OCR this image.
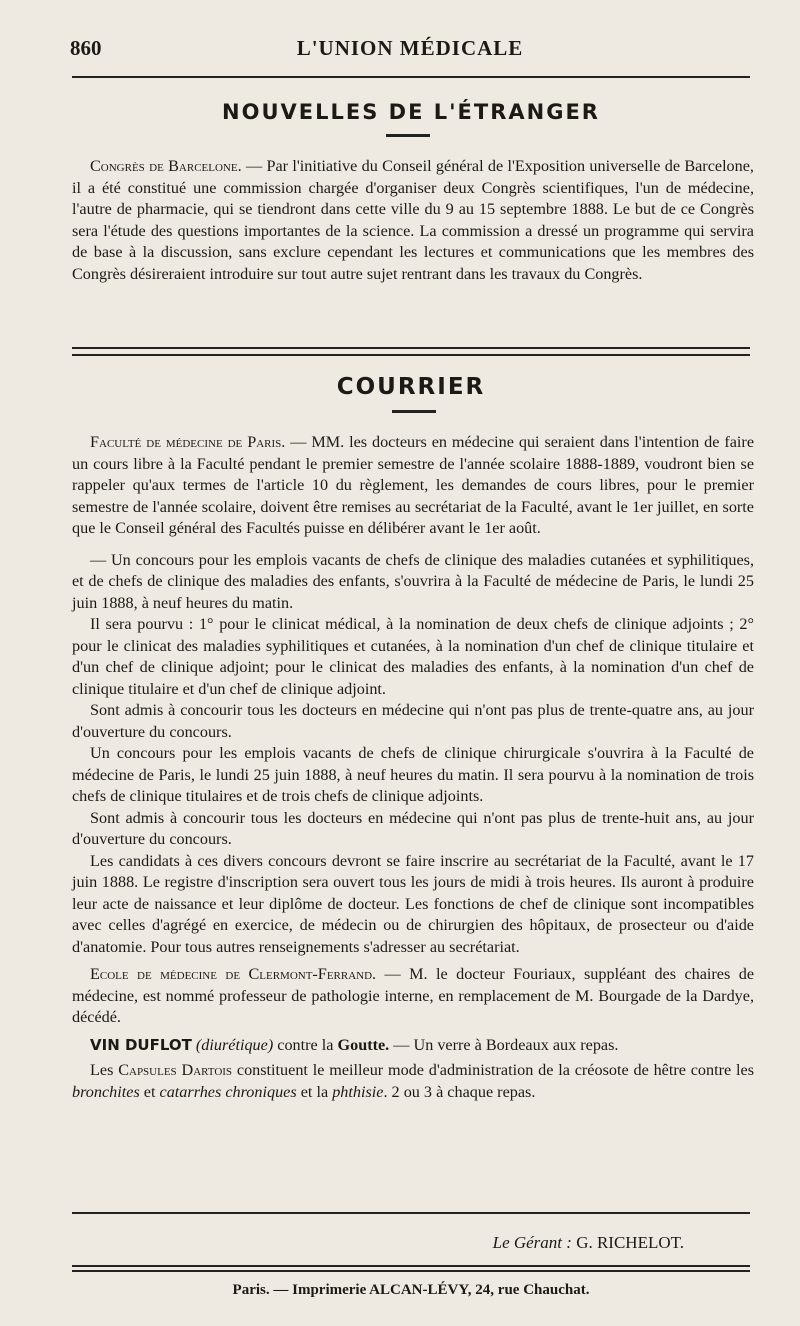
860	L'UNION MÉDICALE
NOUVELLES DE L'ÉTRANGER

Congrès de Barcelone. — Par l'initiative du Conseil général de l'Exposition universelle de Barcelone, il a été constitué une commission chargée d'organiser deux Congrès scientifiques, l'un de médecine, l'autre de pharmacie, qui se tiendront dans cette ville du 9 au 15 septembre 1888. Le but de ce Congrès sera l'étude des questions importantes de la science. La commission a dressé un programme qui servira de base à la discussion, sans exclure cependant les lectures et communications que les membres des Congrès désireraient introduire sur tout autre sujet rentrant dans les travaux du Congrès.

COURRIER

Faculté de médecine de Paris. — MM. les docteurs en médecine qui seraient dans l'intention de faire un cours libre à la Faculté pendant le premier semestre de l'année scolaire 1888-1889, voudront bien se rappeler qu'aux termes de l'article 10 du règlement, les demandes de cours libres, pour le premier semestre de l'année scolaire, doivent être remises au secrétariat de la Faculté, avant le 1er juillet, en sorte que le Conseil général des Facultés puisse en délibérer avant le 1er août.

— Un concours pour les emplois vacants de chefs de clinique des maladies cutanées et syphilitiques, et de chefs de clinique des maladies des enfants, s'ouvrira à la Faculté de médecine de Paris, le lundi 25 juin 1888, à neuf heures du matin.

Il sera pourvu : 1° pour le clinicat médical, à la nomination de deux chefs de clinique adjoints ; 2° pour le clinicat des maladies syphilitiques et cutanées, à la nomination d'un chef de clinique titulaire et d'un chef de clinique adjoint; pour le clinicat des maladies des enfants, à la nomination d'un chef de clinique titulaire et d'un chef de clinique adjoint.

Sont admis à concourir tous les docteurs en médecine qui n'ont pas plus de trente-quatre ans, au jour d'ouverture du concours.

Un concours pour les emplois vacants de chefs de clinique chirurgicale s'ouvrira à la Faculté de médecine de Paris, le lundi 25 juin 1888, à neuf heures du matin. Il sera pourvu à la nomination de trois chefs de clinique titulaires et de trois chefs de clinique adjoints.

Sont admis à concourir tous les docteurs en médecine qui n'ont pas plus de trente-huit ans, au jour d'ouverture du concours.

Les candidats à ces divers concours devront se faire inscrire au secrétariat de la Faculté, avant le 17 juin 1888. Le registre d'inscription sera ouvert tous les jours de midi à trois heures. Ils auront à produire leur acte de naissance et leur diplôme de docteur. Les fonctions de chef de clinique sont incompatibles avec celles d'agrégé en exercice, de médecin ou de chirurgien des hôpitaux, de prosecteur ou d'aide d'anatomie. Pour tous autres renseignements s'adresser au secrétariat.

Ecole de médecine de Clermont-Ferrand. — M. le docteur Fouriaux, suppléant des chaires de médecine, est nommé professeur de pathologie interne, en remplacement de M. Bourgade de la Dardye, décédé.

VIN DUFLOT (diurétique) contre la Goutte. — Un verre à Bordeaux aux repas.

Les Capsules Dartois constituent le meilleur mode d'administration de la créosote de hêtre contre les bronchites et catarrhes chroniques et la phthisie. 2 ou 3 à chaque repas.

Le Gérant : G. RICHELOT.
Paris. — Imprimerie ALCAN-LÉVY, 24, rue Chauchat.
